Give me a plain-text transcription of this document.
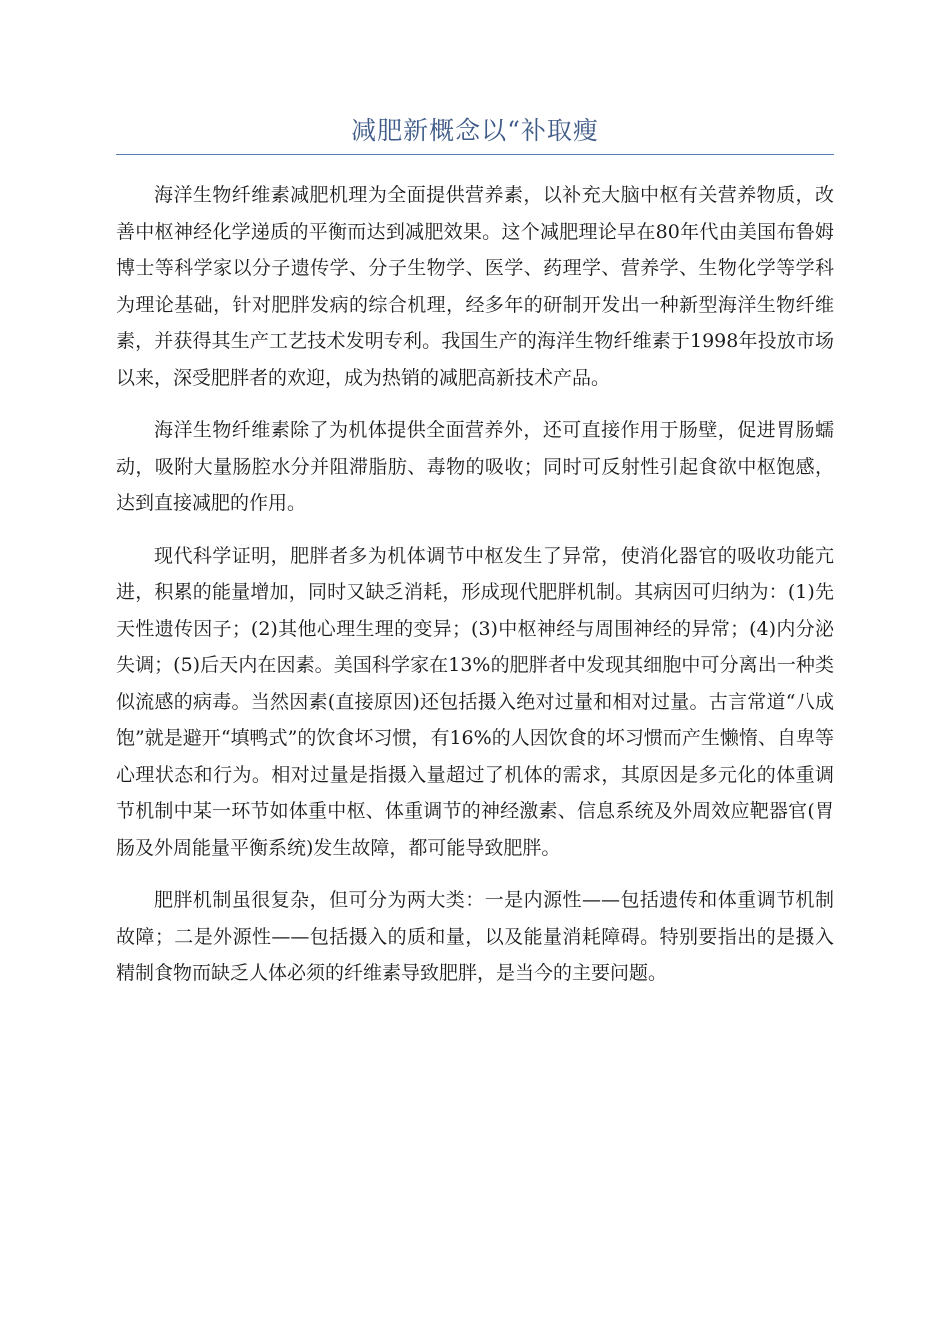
减肥新概念以“补取瘦

海洋生物纤维素减肥机理为全面提供营养素，以补充大脑中枢有关营养物质，改善中枢神经化学递质的平衡而达到减肥效果。这个减肥理论早在80年代由美国布鲁姆博士等科学家以分子遗传学、分子生物学、医学、药理学、营养学、生物化学等学科为理论基础，针对肥胖发病的综合机理，经多年的研制开发出一种新型海洋生物纤维素，并获得其生产工艺技术发明专利。我国生产的海洋生物纤维素于1998年投放市场以来，深受肥胖者的欢迎，成为热销的减肥高新技术产品。

海洋生物纤维素除了为机体提供全面营养外，还可直接作用于肠壁，促进胃肠蠕动，吸附大量肠腔水分并阻滞脂肪、毒物的吸收；同时可反射性引起食欲中枢饱感，达到直接减肥的作用。

现代科学证明，肥胖者多为机体调节中枢发生了异常，使消化器官的吸收功能亢进，积累的能量增加，同时又缺乏消耗，形成现代肥胖机制。其病因可归纳为：(1)先天性遗传因子；(2)其他心理生理的变异；(3)中枢神经与周围神经的异常；(4)内分泌失调；(5)后天内在因素。美国科学家在13%的肥胖者中发现其细胞中可分离出一种类似流感的病毒。当然因素(直接原因)还包括摄入绝对过量和相对过量。古言常道“八成饱”就是避开“填鸭式”的饮食坏习惯，有16%的人因饮食的坏习惯而产生懒惰、自卑等心理状态和行为。相对过量是指摄入量超过了机体的需求，其原因是多元化的体重调节机制中某一环节如体重中枢、体重调节的神经激素、信息系统及外周效应靶器官(胃肠及外周能量平衡系统)发生故障，都可能导致肥胖。

肥胖机制虽很复杂，但可分为两大类：一是内源性——包括遗传和体重调节机制故障；二是外源性——包括摄入的质和量，以及能量消耗障碍。特别要指出的是摄入精制食物而缺乏人体必须的纤维素导致肥胖，是当今的主要问题。
